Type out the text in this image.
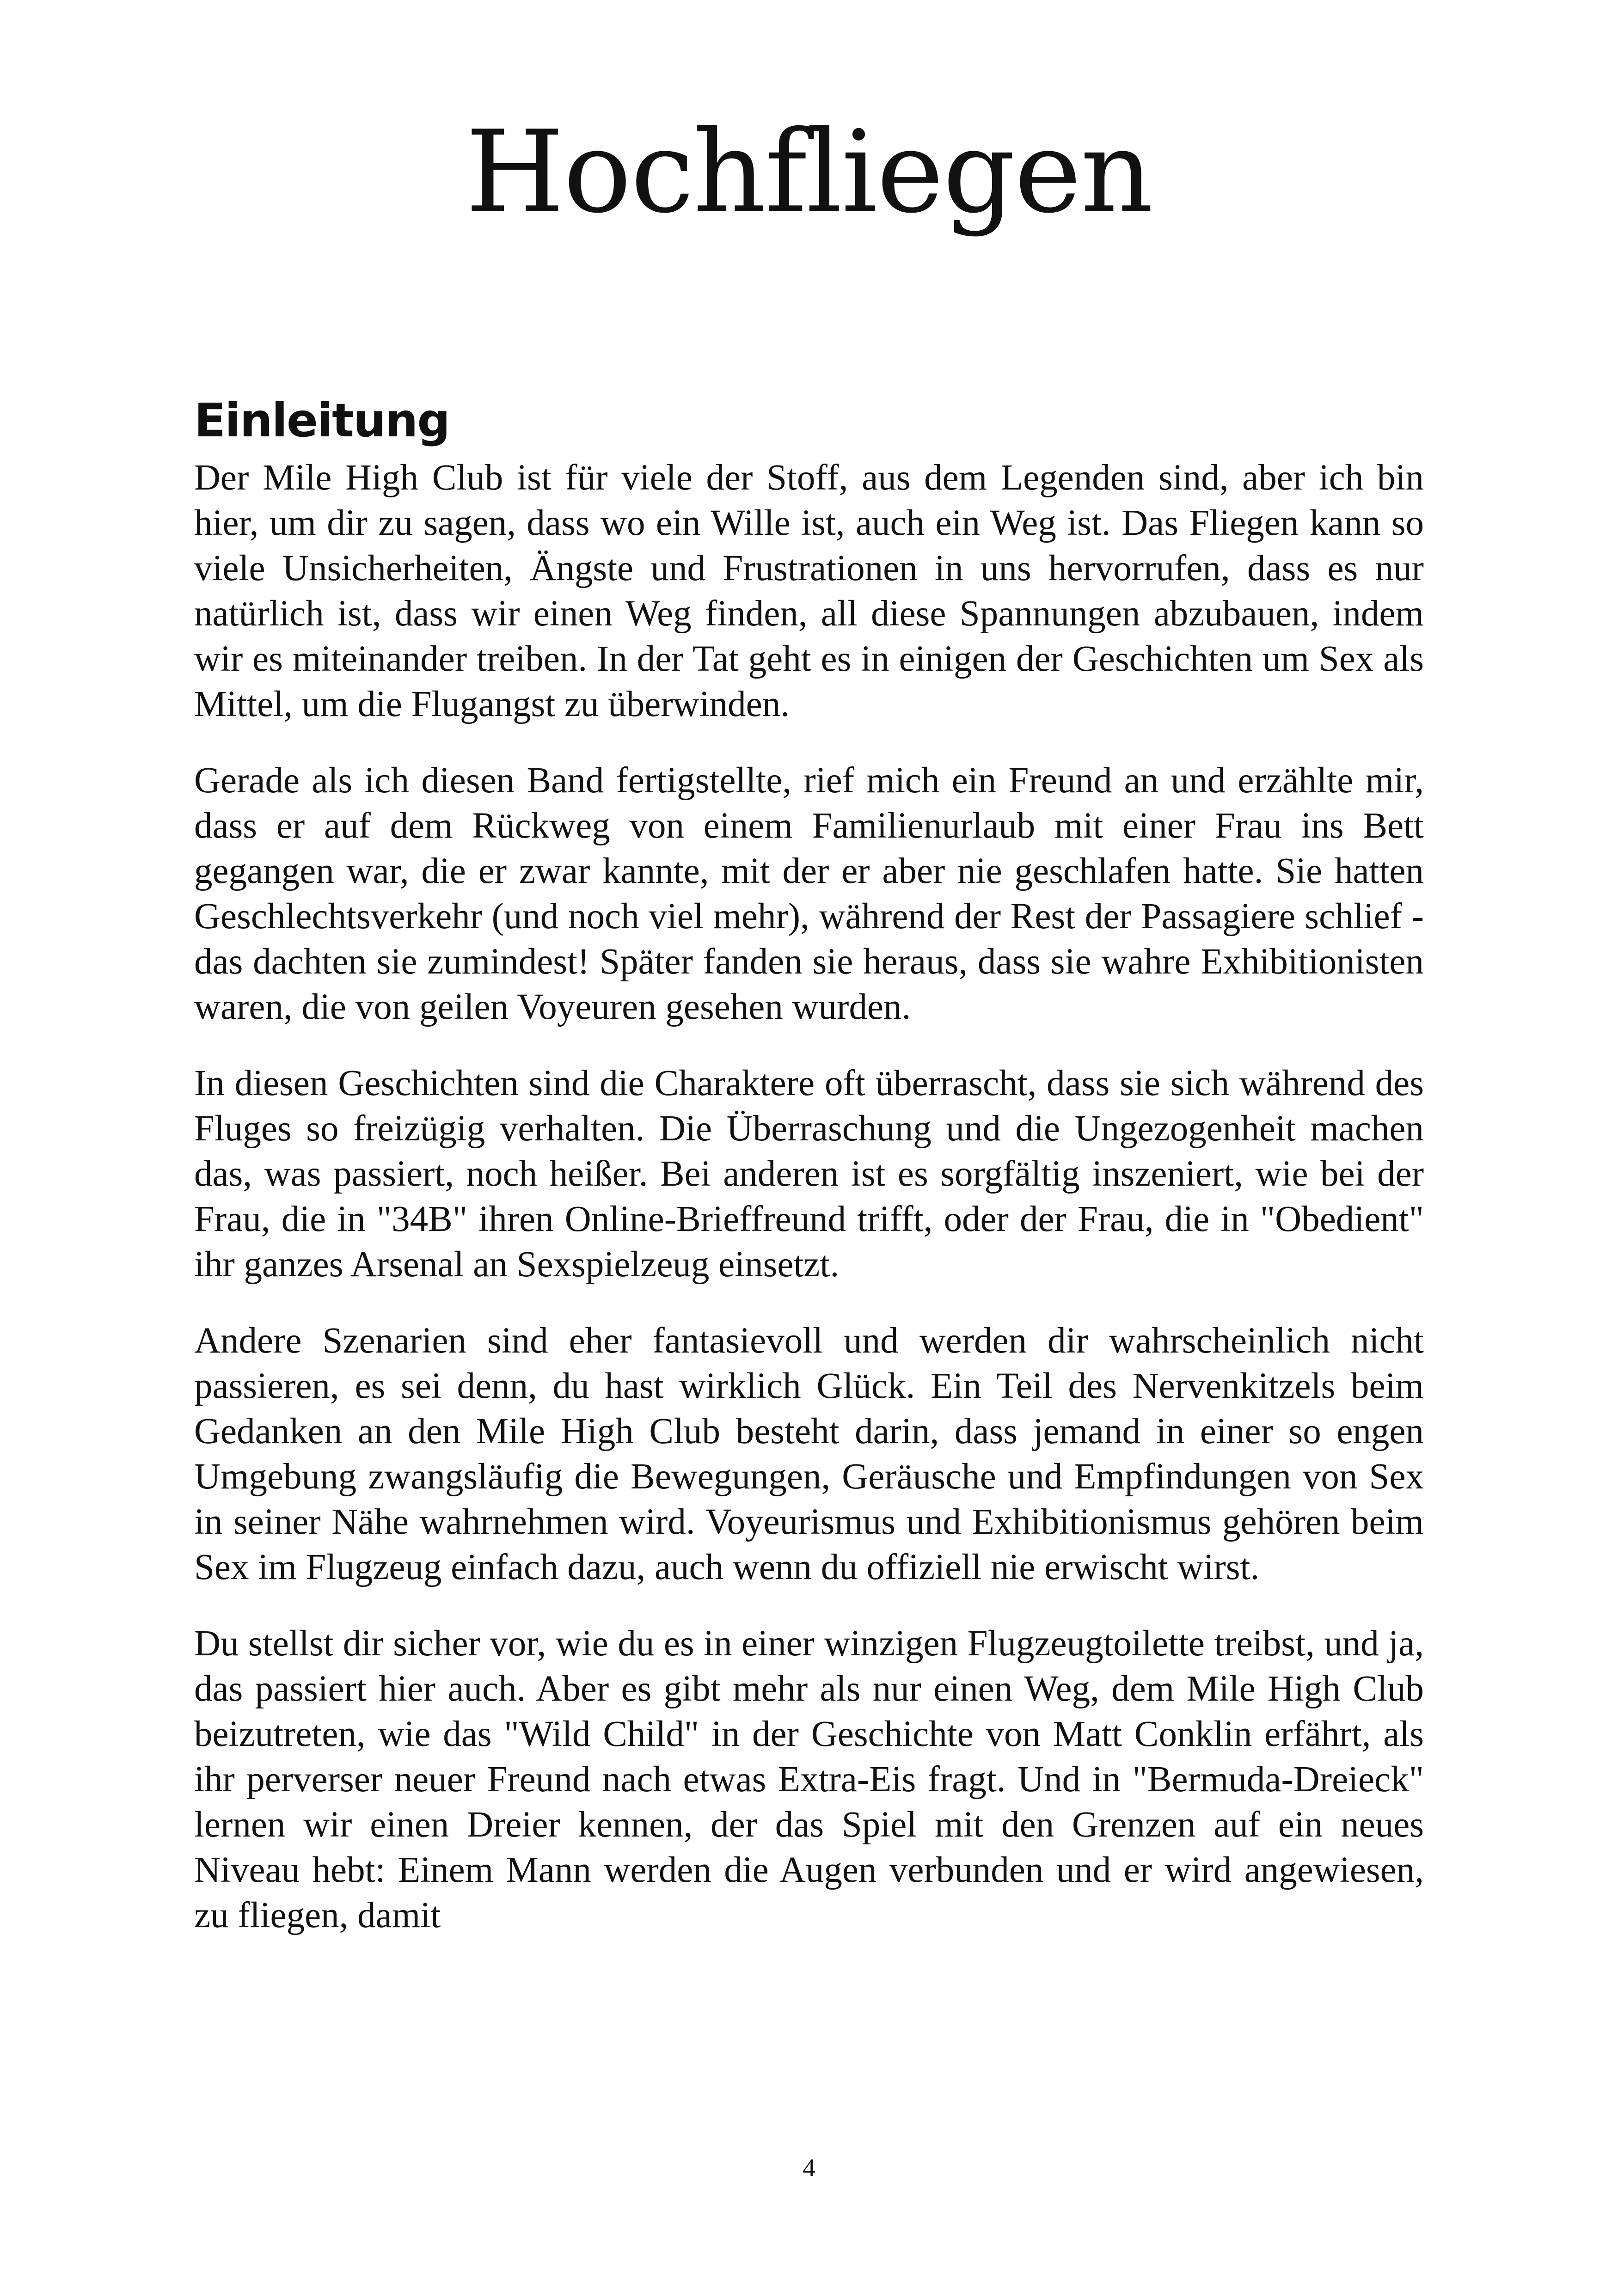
Hochfliegen
Einleitung

Der Mile High Club ist für viele der Stoff, aus dem Legenden sind, aber ich bin hier, um dir zu sagen, dass wo ein Wille ist, auch ein Weg ist. Das Fliegen kann so viele Unsicherheiten, Ängste und Frustrationen in uns hervorrufen, dass es nur natürlich ist, dass wir einen Weg finden, all diese Spannungen abzubauen, indem wir es miteinander treiben. In der Tat geht es in einigen der Geschichten um Sex als Mittel, um die Flugangst zu überwinden.

Gerade als ich diesen Band fertigstellte, rief mich ein Freund an und erzählte mir, dass er auf dem Rückweg von einem Familienurlaub mit einer Frau ins Bett gegangen war, die er zwar kannte, mit der er aber nie geschlafen hatte. Sie hatten Geschlechtsverkehr (und noch viel mehr), während der Rest der Passagiere schlief - das dachten sie zumindest! Später fanden sie heraus, dass sie wahre Exhibitionisten waren, die von geilen Voyeuren gesehen wurden.

In diesen Geschichten sind die Charaktere oft überrascht, dass sie sich während des Fluges so freizügig verhalten. Die Überraschung und die Ungezogenheit machen das, was passiert, noch heißer. Bei anderen ist es sorgfältig inszeniert, wie bei der Frau, die in "34B" ihren Online-Brieffreund trifft, oder der Frau, die in "Obedient" ihr ganzes Arsenal an Sexspielzeug einsetzt.

Andere Szenarien sind eher fantasievoll und werden dir wahrscheinlich nicht passieren, es sei denn, du hast wirklich Glück. Ein Teil des Nervenkitzels beim Gedanken an den Mile High Club besteht darin, dass jemand in einer so engen Umgebung zwangsläufig die Bewegungen, Geräusche und Empfindungen von Sex in seiner Nähe wahrnehmen wird. Voyeurismus und Exhibitionismus gehören beim Sex im Flugzeug einfach dazu, auch wenn du offiziell nie erwischt wirst.

Du stellst dir sicher vor, wie du es in einer winzigen Flugzeugtoilette treibst, und ja, das passiert hier auch. Aber es gibt mehr als nur einen Weg, dem Mile High Club beizutreten, wie das "Wild Child" in der Geschichte von Matt Conklin erfährt, als ihr perverser neuer Freund nach etwas Extra-Eis fragt. Und in "Bermuda-Dreieck" lernen wir einen Dreier kennen, der das Spiel mit den Grenzen auf ein neues Niveau hebt: Einem Mann werden die Augen verbunden und er wird angewiesen, zu fliegen, damit

4
